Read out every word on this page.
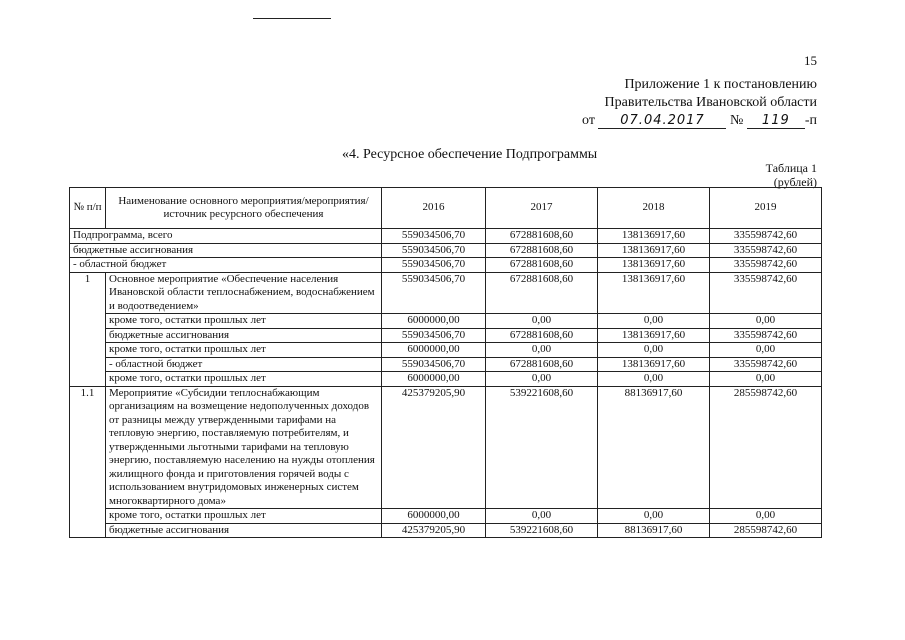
15
Приложение 1 к постановлению
Правительства Ивановской области
от 07.04.2017 № 119 -п
«4. Ресурсное обеспечение Подпрограммы
Таблица 1
(рублей)
№ п/п	Наименование основного мероприятия/мероприятия/источник ресурсного обеспечения	2016	2017	2018	2019
Подпрограмма, всего		559034506,70	672881608,60	138136917,60	335598742,60
бюджетные ассигнования		559034506,70	672881608,60	138136917,60	335598742,60
- областной бюджет		559034506,70	672881608,60	138136917,60	335598742,60
1	Основное мероприятие «Обеспечение населения Ивановской области теплоснабжением, водоснабжением и водоотведением»	559034506,70	672881608,60	138136917,60	335598742,60
	кроме того, остатки прошлых лет	6000000,00	0,00	0,00	0,00
	бюджетные ассигнования	559034506,70	672881608,60	138136917,60	335598742,60
	кроме того, остатки прошлых лет	6000000,00	0,00	0,00	0,00
	- областной бюджет	559034506,70	672881608,60	138136917,60	335598742,60
	кроме того, остатки прошлых лет	6000000,00	0,00	0,00	0,00
1.1	Мероприятие «Субсидии теплоснабжающим организациям на возмещение недополученных доходов от разницы между утвержденными тарифами на тепловую энергию, поставляемую потребителям, и утвержденными льготными тарифами на тепловую энергию, поставляемую населению на нужды отопления жилищного фонда и приготовления горячей воды с использованием внутридомовых инженерных систем многоквартирного дома»	425379205,90	539221608,60	88136917,60	285598742,60
	кроме того, остатки прошлых лет	6000000,00	0,00	0,00	0,00
	бюджетные ассигнования	425379205,90	539221608,60	88136917,60	285598742,60
